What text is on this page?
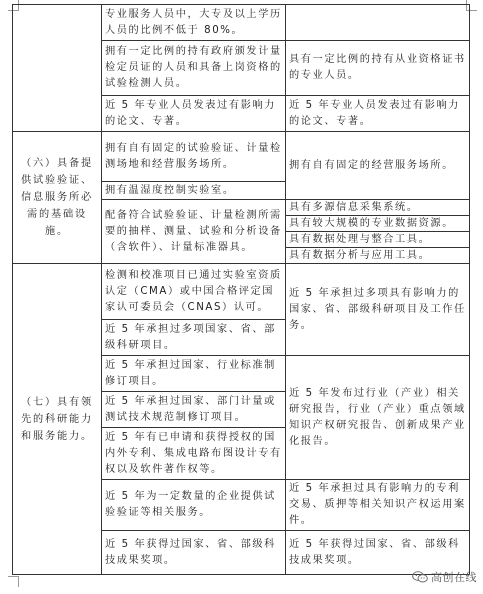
	专业服务人员中，大专及以上学历人员的比例不低于 80%。	
	拥有一定比例的持有政府颁发计量检定员证的人员和具备上岗资格的试验检测人员。	具有一定比例的持有从业资格证书的专业人员。
	近 5 年专业人员发表过有影响力的论文、专著。	近 5 年专业人员发表过有影响力的论文、专著。
（六）具备提供试验验证、信息服务所必需的基础设施。	拥有自有固定的试验验证、计量检测场地和经营服务场所。	拥有自有固定的经营服务场所。

	拥有温湿度控制实验室。	
	配备符合试验验证、计量检测所需要的抽样、测量、试验和分析设备（含软件）、计量标准器具。	具有多源信息采集系统。
		具有较大规模的专业数据资源。
		具有数据处理与整合工具。
		具有数据分析与应用工具。
（七）具有领先的科研能力和服务能力。	检测和校准项目已通过实验室资质认定（CMA）或中国合格评定国家认可委员会（CNAS）认可。	近 5 年承担过多项具有影响力的国家、省、部级科研项目及工作任务。
	近 5 年承担过多项国家、省、部级科研项目。	
	近 5 年承担过国家、行业标准制修订项目。	近 5 年发布过行业（产业）相关研究报告，行业（产业）重点领域知识产权研究报告、创新成果产业化报告。
	近 5 年承担过国家、部门计量或测试技术规范制修订项目。	
	近 5 年有已申请和获得授权的国内外专利、集成电路布图设计专有权以及软件著作权等。	
	近 5 年为一定数量的企业提供试验验证等相关服务。	近 5 年承担过具有影响力的专利交易、质押等相关知识产权运用案件。
	近 5 年获得过国家、省、部级科技成果奖项。	近 5 年获得过国家、省、部级科技成果奖项。
高创在线
